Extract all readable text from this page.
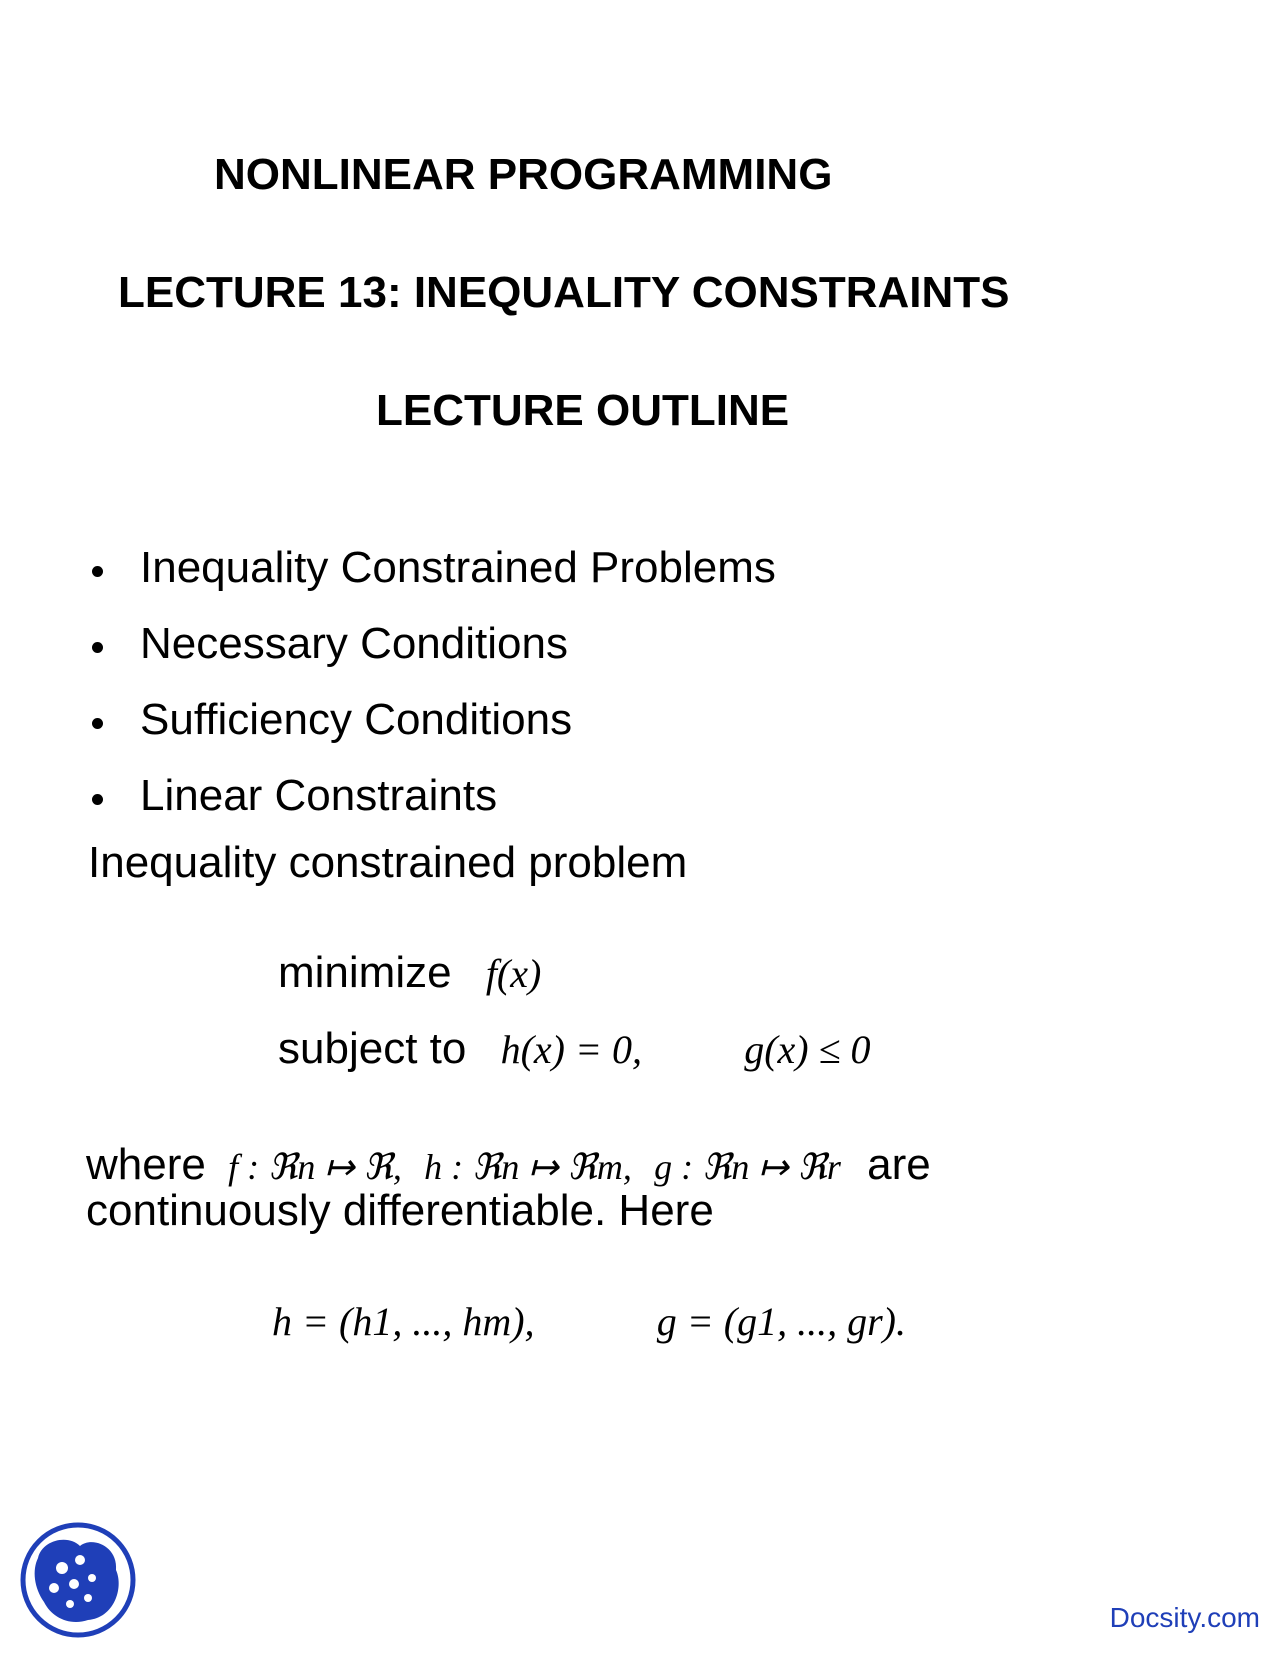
NONLINEAR PROGRAMMING
LECTURE 13: INEQUALITY CONSTRAINTS
LECTURE OUTLINE
Inequality Constrained Problems
Necessary Conditions
Sufficiency Conditions
Linear Constraints
Inequality constrained problem
minimize f(x)
subject to h(x) = 0,	g(x) ≤ 0
where f : ℜn ↦ ℜ, h : ℜn ↦ ℜm, g : ℜn ↦ ℜr are
continuously differentiable. Here
h = (h1, ..., hm),	g = (g1, ..., gr).
Docsity.com
